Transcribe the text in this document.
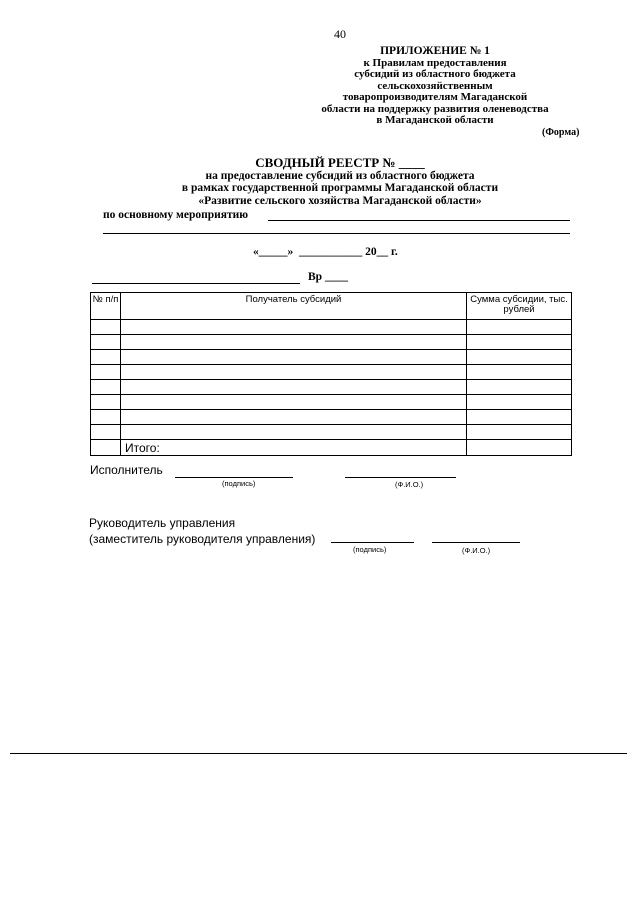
40
ПРИЛОЖЕНИЕ № 1
к Правилам предоставления
субсидий из областного бюджета
сельскохозяйственным
товаропроизводителям Магаданской
области на поддержку развития оленеводства
в Магаданской области
(Форма)
СВОДНЫЙ РЕЕСТР № ____
на предоставление субсидий из областного бюджета
в рамках государственной программы Магаданской области
«Развитие сельского хозяйства Магаданской области»
по основному мероприятию
«_____»  ___________ 20__ г.
Вр ____
№ п/п	Получатель субсидий	Сумма субсидии, тыс. рублей

	Итого:	
Исполнитель
(подпись)	(Ф.И.О.)
Руководитель управления
(заместитель руководителя управления)
(подпись)	(Ф.И.О.)
